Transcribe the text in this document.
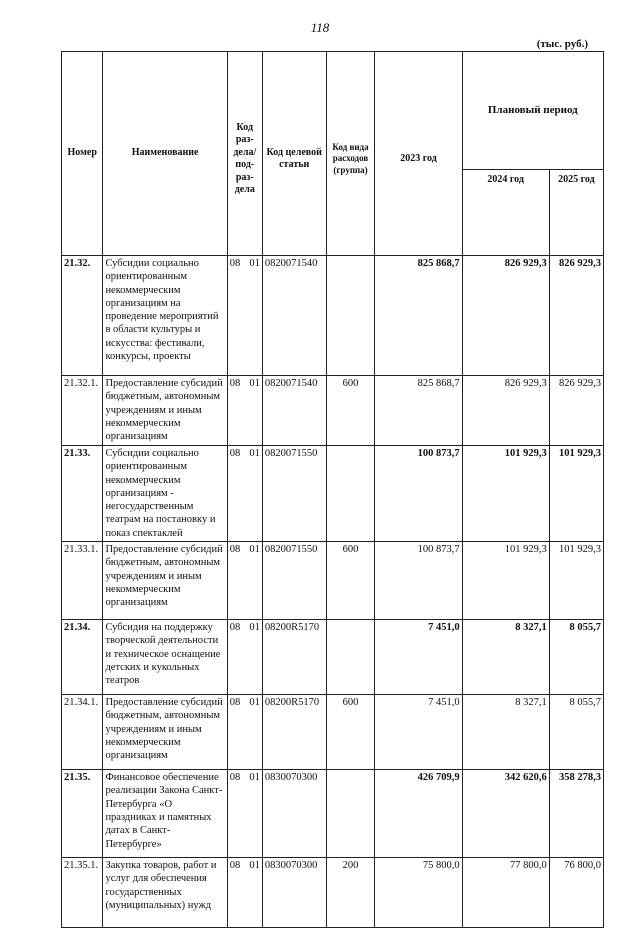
118
(тыс. руб.)
Номер	Наименование	Код раз-дела/ под-раз-дела	Код целевой статьи	Код вида расходов (группа)	2023 год	Плановый период	
						2024 год	2025 год
21.32.	Субсидии социально ориентированным некоммерческим организациям на проведение мероприятий в области культуры и искусства: фестивали, конкурсы, проекты	08 01	0820071540		825 868,7	826 929,3	826 929,3
21.32.1.	Предоставление субсидий бюджетным, автономным учреждениям и иным некоммерческим организациям	08 01	0820071540	600	825 868,7	826 929,3	826 929,3
21.33.	Субсидии социально ориентированным некоммерческим организациям - негосударственным театрам на постановку и показ спектаклей	08 01	0820071550		100 873,7	101 929,3	101 929,3
21.33.1.	Предоставление субсидий бюджетным, автономным учреждениям и иным некоммерческим организациям	08 01	0820071550	600	100 873,7	101 929,3	101 929,3
21.34.	Субсидия на поддержку творческой деятельности и техническое оснащение детских и кукольных театров	08 01	08200R5170		7 451,0	8 327,1	8 055,7
21.34.1.	Предоставление субсидий бюджетным, автономным учреждениям и иным некоммерческим организациям	08 01	08200R5170	600	7 451,0	8 327,1	8 055,7
21.35.	Финансовое обеспечение реализации Закона Санкт-Петербурга «О праздниках и памятных датах в Санкт-Петербурге»	08 01	0830070300		426 709,9	342 620,6	358 278,3
21.35.1.	Закупка товаров, работ и услуг для обеспечения государственных (муниципальных) нужд	08 01	0830070300	200	75 800,0	77 800,0	76 800,0
